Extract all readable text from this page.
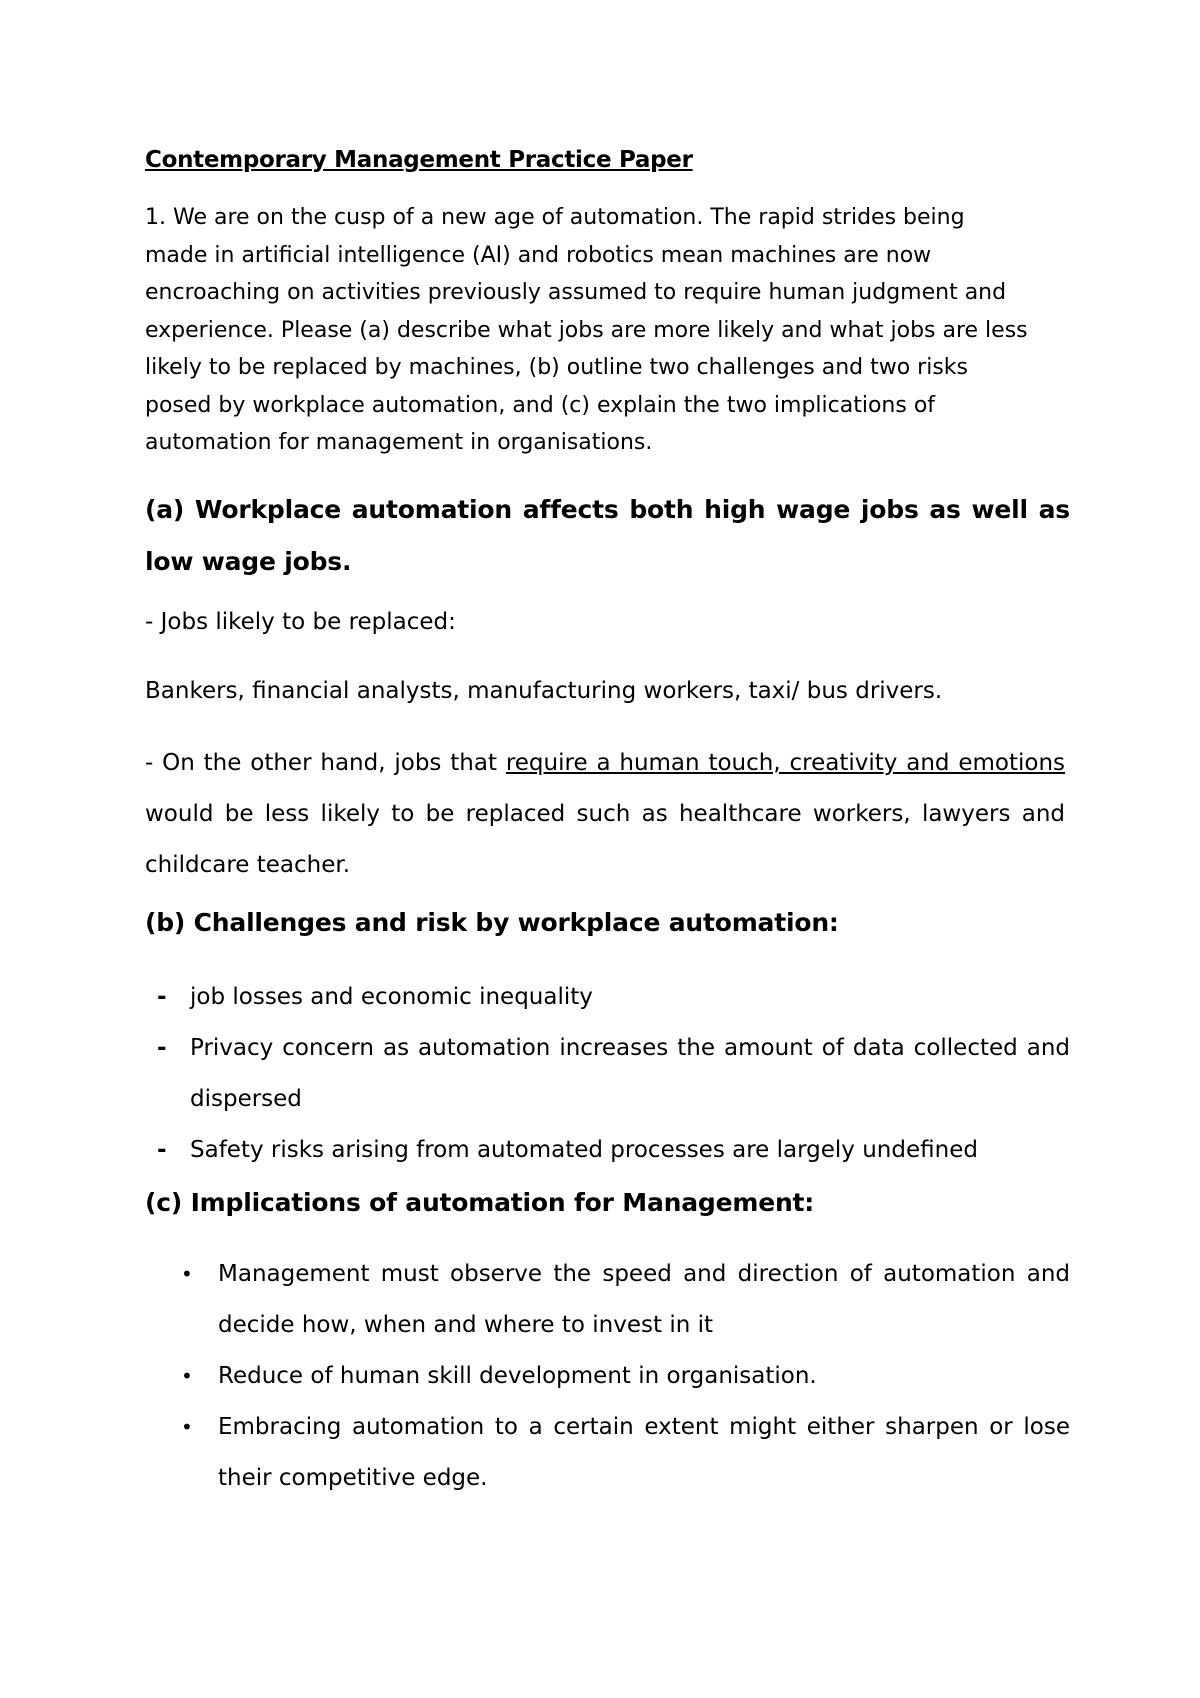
Contemporary Management Practice Paper

1. We are on the cusp of a new age of automation. The rapid strides being
made in artificial intelligence (AI) and robotics mean machines are now
encroaching on activities previously assumed to require human judgment and
experience. Please (a) describe what jobs are more likely and what jobs are less
likely to be replaced by machines, (b) outline two challenges and two risks
posed by workplace automation, and (c) explain the two implications of
automation for management in organisations.

(a) Workplace automation affects both high wage jobs as well as low wage jobs.

- Jobs likely to be replaced:

Bankers, financial analysts, manufacturing workers, taxi/ bus drivers.

- On the other hand, jobs that require a human touch, creativity and emotions would be less likely to be replaced such as healthcare workers, lawyers and childcare teacher.

(b) Challenges and risk by workplace automation:
- job losses and economic inequality
- Privacy concern as automation increases the amount of data collected and dispersed
- Safety risks arising from automated processes are largely undefined
(c) Implications of automation for Management:
• Management must observe the speed and direction of automation and decide how, when and where to invest in it
• Reduce of human skill development in organisation.
• Embracing automation to a certain extent might either sharpen or lose their competitive edge.
